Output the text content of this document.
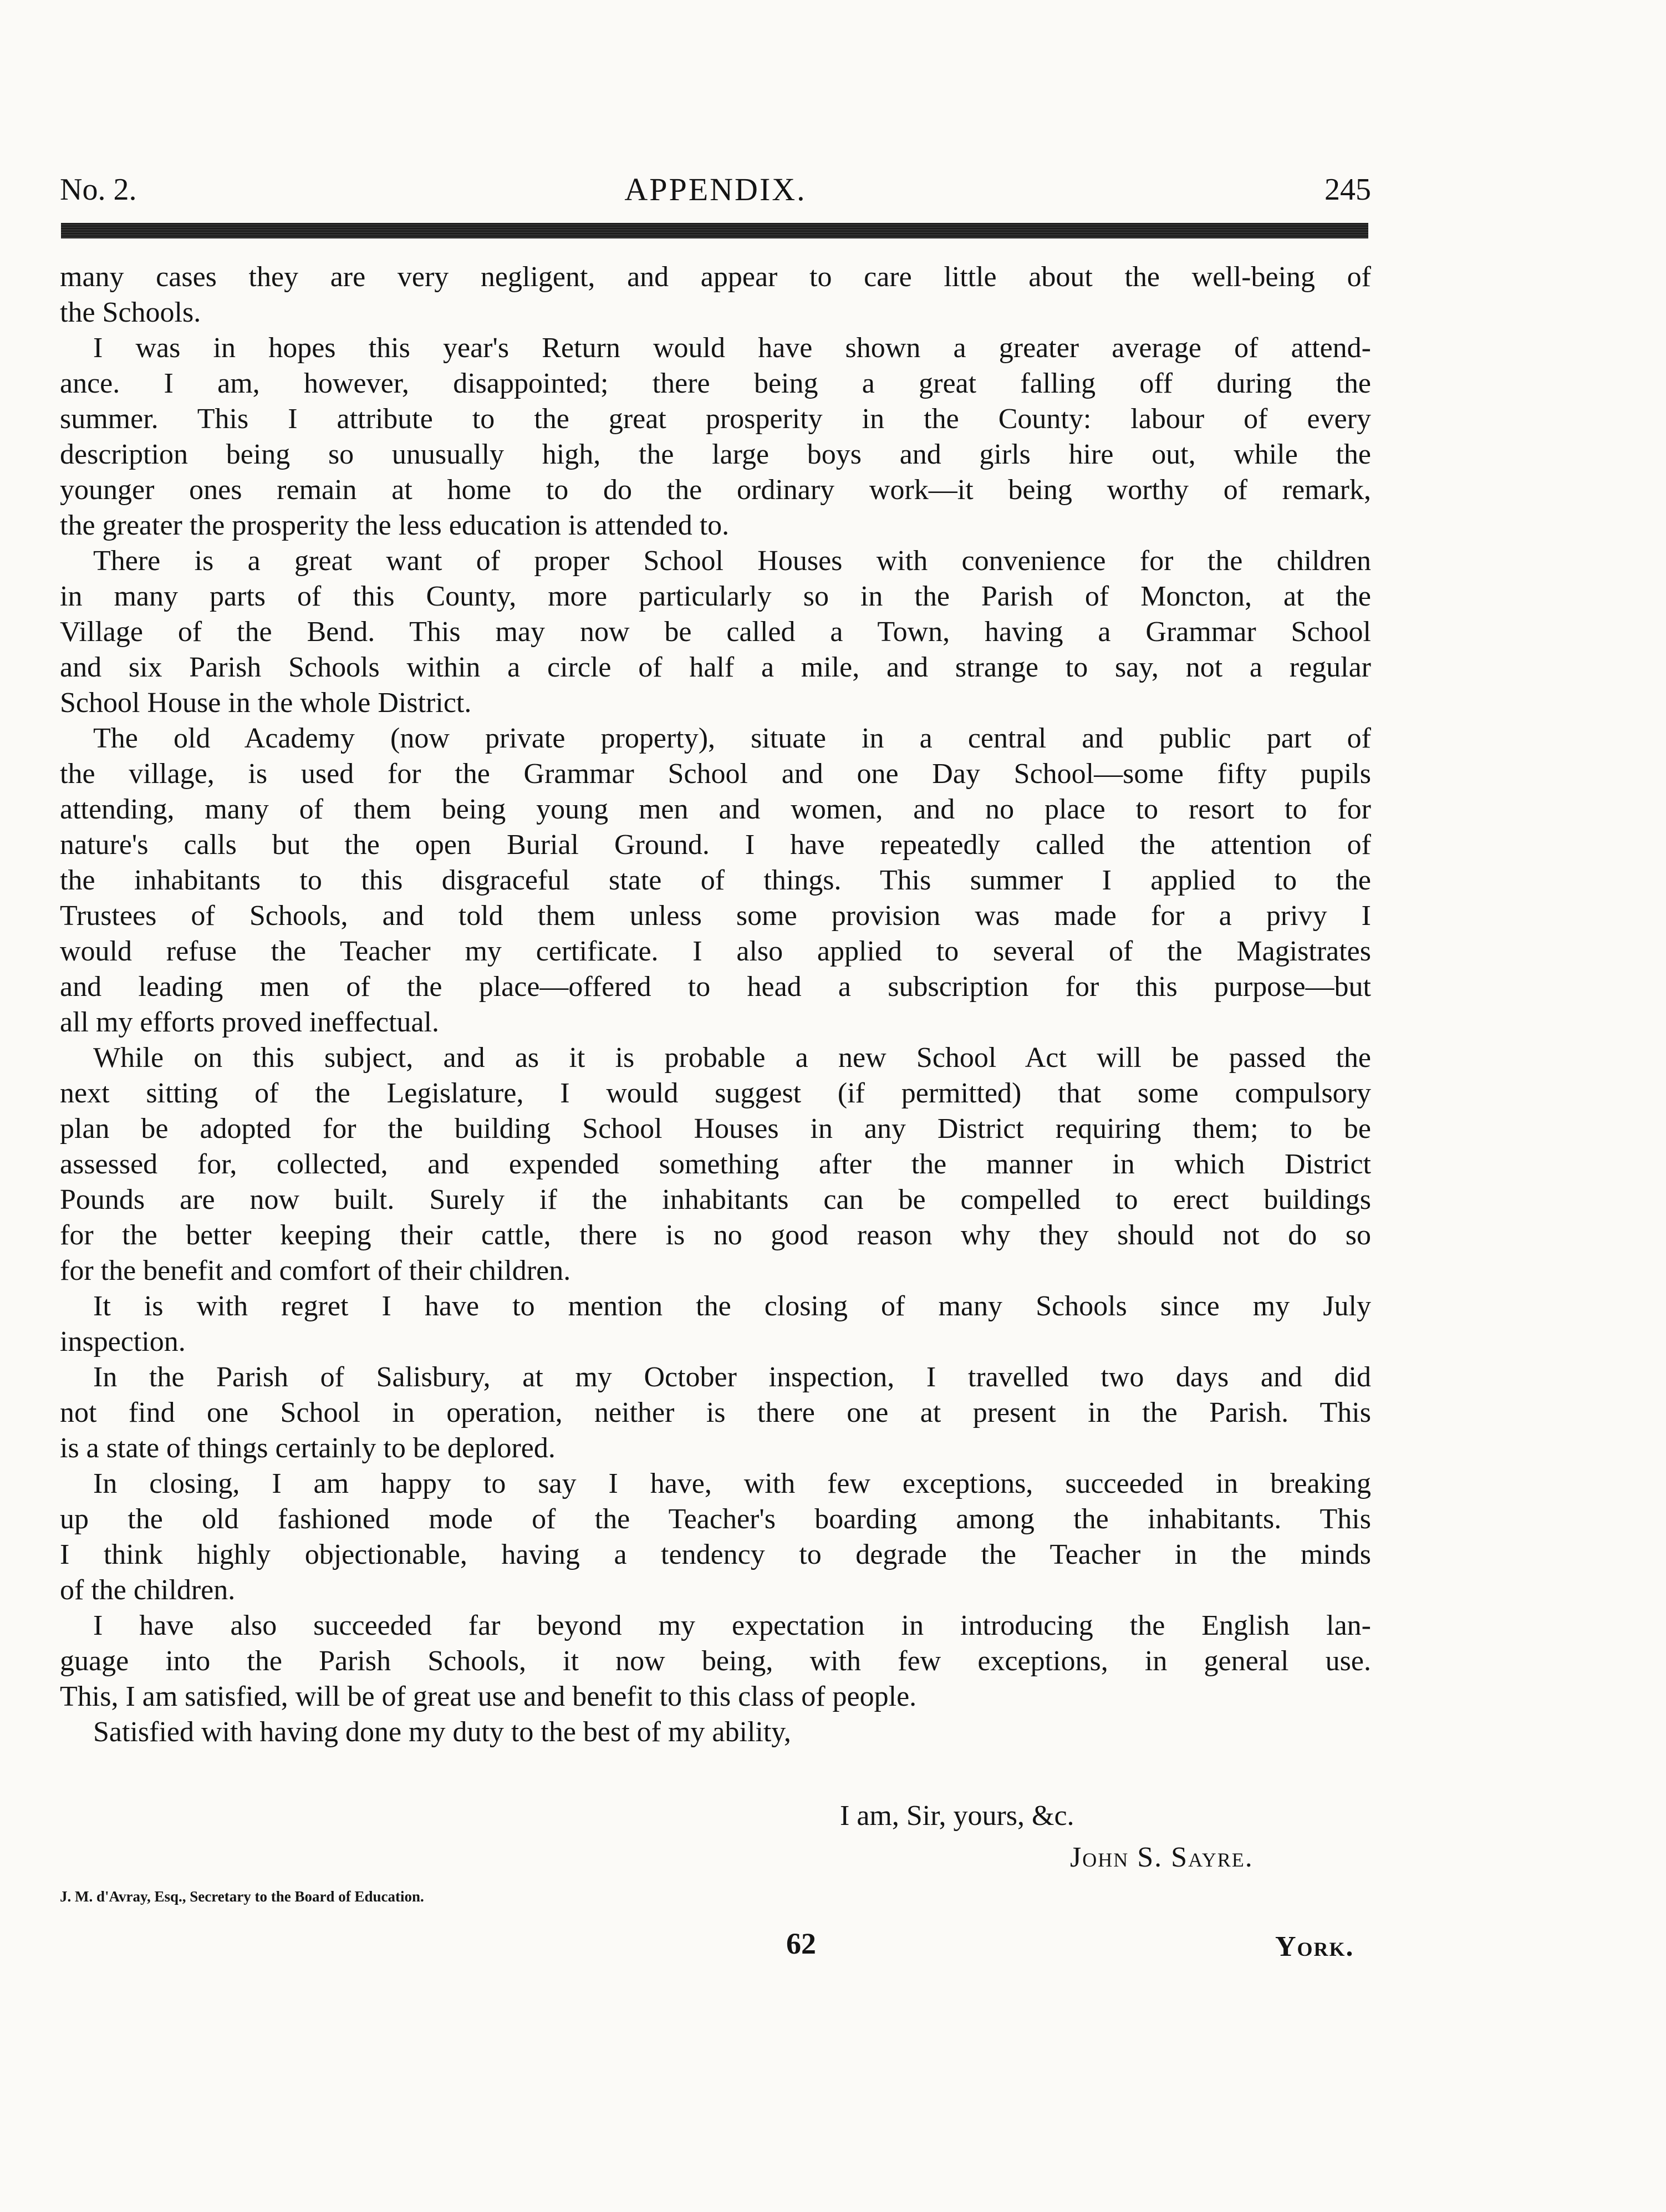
No. 2.	APPENDIX.	245
many cases they are very negligent, and appear to care little about the well-being of
the Schools.
I was in hopes this year's Return would have shown a greater average of attend-
ance. I am, however, disappointed; there being a great falling off during the
summer. This I attribute to the great prosperity in the County: labour of every
description being so unusually high, the large boys and girls hire out, while the
younger ones remain at home to do the ordinary work—it being worthy of remark,
the greater the prosperity the less education is attended to.
There is a great want of proper School Houses with convenience for the children
in many parts of this County, more particularly so in the Parish of Moncton, at the
Village of the Bend. This may now be called a Town, having a Grammar School
and six Parish Schools within a circle of half a mile, and strange to say, not a regular
School House in the whole District.
The old Academy (now private property), situate in a central and public part of
the village, is used for the Grammar School and one Day School—some fifty pupils
attending, many of them being young men and women, and no place to resort to for
nature's calls but the open Burial Ground. I have repeatedly called the attention of
the inhabitants to this disgraceful state of things. This summer I applied to the
Trustees of Schools, and told them unless some provision was made for a privy I
would refuse the Teacher my certificate. I also applied to several of the Magistrates
and leading men of the place—offered to head a subscription for this purpose—but
all my efforts proved ineffectual.
While on this subject, and as it is probable a new School Act will be passed the
next sitting of the Legislature, I would suggest (if permitted) that some compulsory
plan be adopted for the building School Houses in any District requiring them; to be
assessed for, collected, and expended something after the manner in which District
Pounds are now built. Surely if the inhabitants can be compelled to erect buildings
for the better keeping their cattle, there is no good reason why they should not do so
for the benefit and comfort of their children.
It is with regret I have to mention the closing of many Schools since my July
inspection.
In the Parish of Salisbury, at my October inspection, I travelled two days and did
not find one School in operation, neither is there one at present in the Parish. This
is a state of things certainly to be deplored.
In closing, I am happy to say I have, with few exceptions, succeeded in breaking
up the old fashioned mode of the Teacher's boarding among the inhabitants. This
I think highly objectionable, having a tendency to degrade the Teacher in the minds
of the children.
I have also succeeded far beyond my expectation in introducing the English lan-
guage into the Parish Schools, it now being, with few exceptions, in general use.
This, I am satisfied, will be of great use and benefit to this class of people.
Satisfied with having done my duty to the best of my ability,
I am, Sir, yours, &c.
John S. Sayre.
J. M. d'Avray, Esq., Secretary to the Board of Education.
62	York.
